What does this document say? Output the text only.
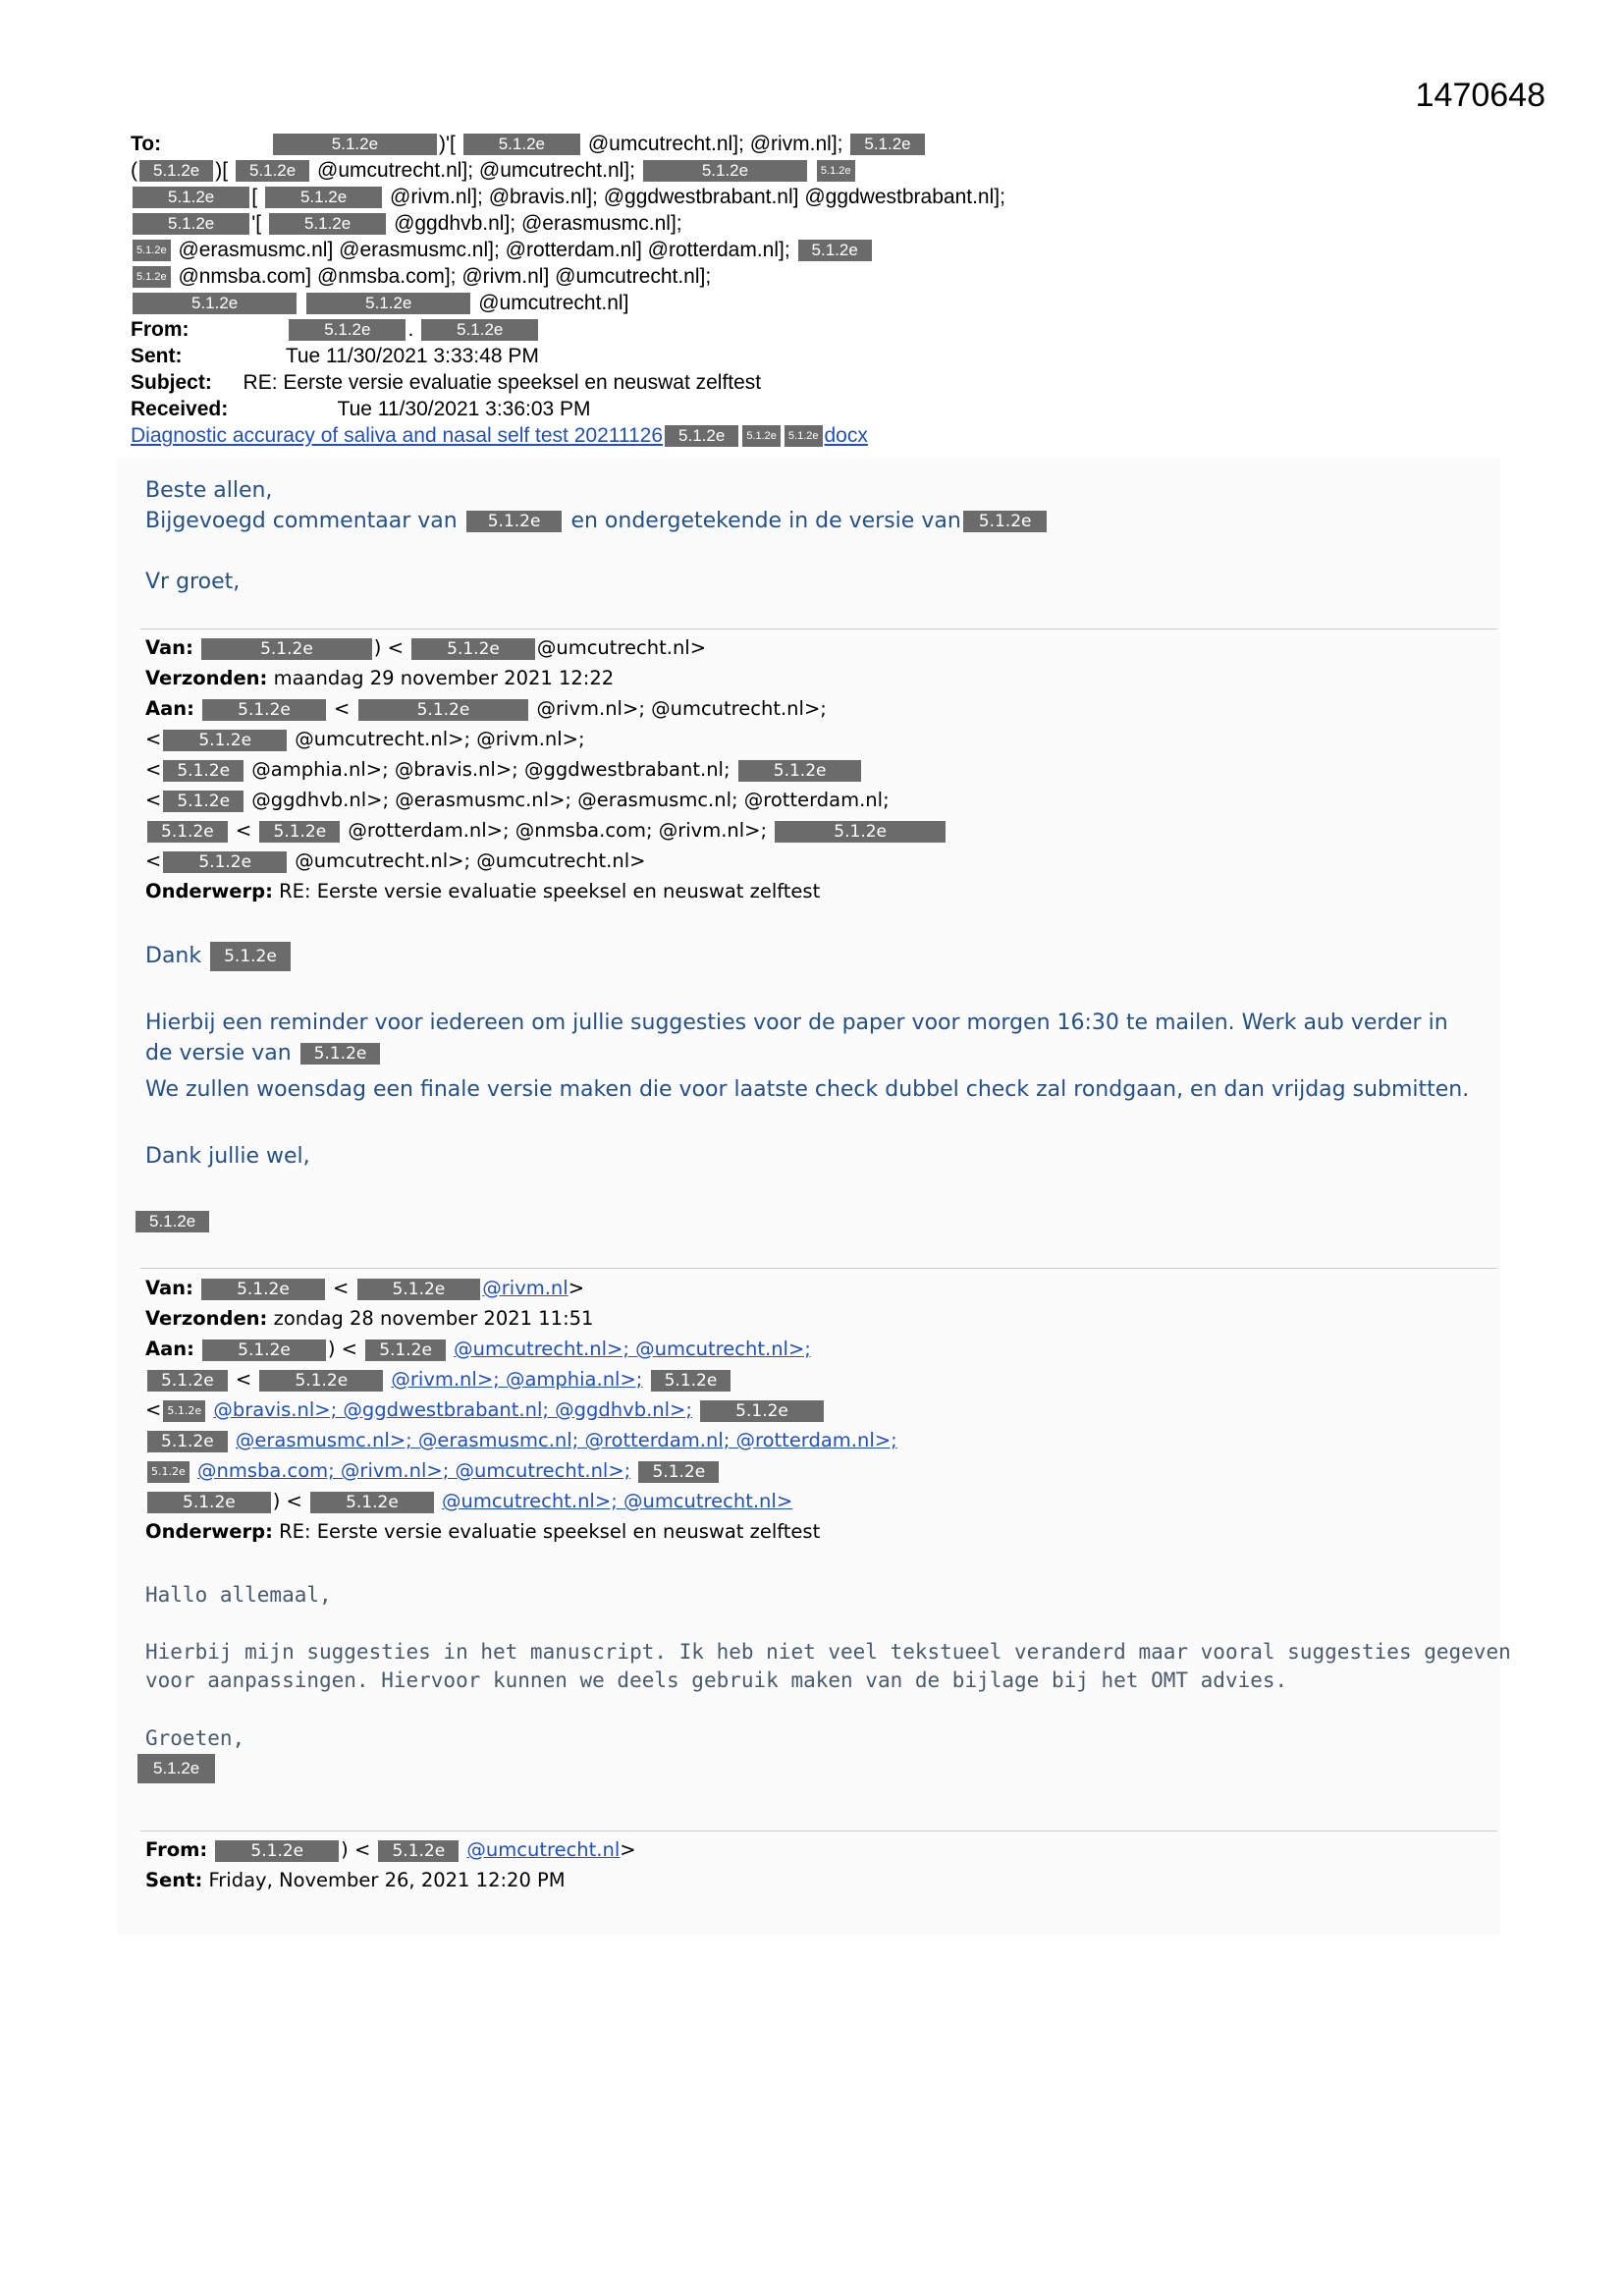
1470648
To:	5.1.2e	)'[ 5.1.2e @umcutrecht.nl]; @rivm.nl]; 5.1.2e
( 5.1.2e )[ 5.1.2e @umcutrecht.nl]; @umcutrecht.nl];	5.1.2e	5.1.2e
5.1.2e [ 5.1.2e @rivm.nl]; @bravis.nl]; @ggdwestbrabant.nl] @ggdwestbrabant.nl];
5.1.2e '[ 5.1.2e @ggdhvb.nl]; @erasmusmc.nl];
5.1.2e @erasmusmc.nl] @erasmusmc.nl]; @rotterdam.nl] @rotterdam.nl]; 5.1.2e
5.1.2e @nmsba.com] @nmsba.com]; @rivm.nl] @umcutrecht.nl];
5.1.2e	5.1.2e	@umcutrecht.nl]
From:	5.1.2e . 5.1.2e
Sent:	Tue 11/30/2021 3:33:48 PM
Subject: RE: Eerste versie evaluatie speeksel en neuswat zelftest
Received:	Tue 11/30/2021 3:36:03 PM
Diagnostic accuracy of saliva and nasal self test 20211126 5.1.2e 5.1.2e 5.1.2e docx
Beste allen,
Bijgevoegd commentaar van 5.1.2e en ondergetekende in de versie van 5.1.2e
Vr groet,
Van:	5.1.2e	) < 5.1.2e @umcutrecht.nl>
Verzonden: maandag 29 november 2021 12:22
Aan:	5.1.2e <	5.1.2e	@rivm.nl>; @umcutrecht.nl>;
< 5.1.2e @umcutrecht.nl>; @rivm.nl>;
< 5.1.2e @amphia.nl>; @bravis.nl>; @ggdwestbrabant.nl;	5.1.2e
< 5.1.2e @ggdhvb.nl>; @erasmusmc.nl>; @erasmusmc.nl; @rotterdam.nl;
5.1.2e < 5.1.2e @rotterdam.nl>; @nmsba.com; @rivm.nl>;	5.1.2e
< 5.1.2e @umcutrecht.nl>; @umcutrecht.nl>
Onderwerp: RE: Eerste versie evaluatie speeksel en neuswat zelftest
Dank 5.1.2e
Hierbij een reminder voor iedereen om jullie suggesties voor de paper voor morgen 16:30 te mailen. Werk aub verder in
de versie van 5.1.2e
We zullen woensdag een finale versie maken die voor laatste check dubbel check zal rondgaan, en dan vrijdag submitten.
Dank jullie wel,
5.1.2e
Van:	5.1.2e < 5.1.2e @rivm.nl>
Verzonden: zondag 28 november 2021 11:51
Aan:	5.1.2e ) < 5.1.2e @umcutrecht.nl>; @umcutrecht.nl>;
5.1.2e < 5.1.2e @rivm.nl>; @amphia.nl>; 5.1.2e
< 5.1.2e @bravis.nl>; @ggdwestbrabant.nl; @ggdhvb.nl>;	5.1.2e
5.1.2e @erasmusmc.nl>; @erasmusmc.nl; @rotterdam.nl; @rotterdam.nl>;
5.1.2e @nmsba.com; @rivm.nl>; @umcutrecht.nl>; 5.1.2e
5.1.2e ) < 5.1.2e @umcutrecht.nl>; @umcutrecht.nl>
Onderwerp: RE: Eerste versie evaluatie speeksel en neuswat zelftest
Hallo allemaal,
Hierbij mijn suggesties in het manuscript. Ik heb niet veel tekstueel veranderd maar vooral suggesties gegeven
voor aanpassingen. Hiervoor kunnen we deels gebruik maken van de bijlage bij het OMT advies.
Groeten,
5.1.2e
From:	5.1.2e ) < 5.1.2e @umcutrecht.nl>
Sent: Friday, November 26, 2021 12:20 PM
